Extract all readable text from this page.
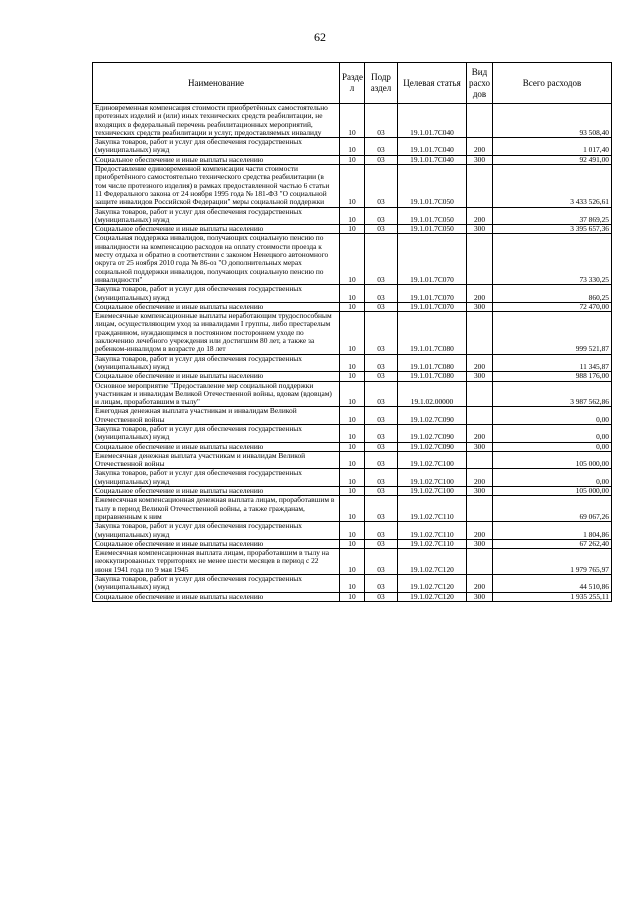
62
Наименование	Разде л	Подр аздел	Целевая статья	Вид расхо дов	Всего расходов
Единовременная компенсация стоимости приобретённых самостоятельно протезных изделий и (или) иных технических средств реабилитации, не входящих в федеральный перечень реабилитационных мероприятий, технических средств реабилитации и услуг, предоставляемых инвалиду	10	03	19.1.01.7С040		93 508,40
Закупка товаров, работ и услуг для обеспечения государственных (муниципальных) нужд	10	03	19.1.01.7С040	200	1 017,40
Социальное обеспечение и иные выплаты населению	10	03	19.1.01.7С040	300	92 491,00
Предоставление единовременной компенсации части стоимости приобретённого самостоятельно технического средства реабилитации (в том числе протезного изделия) в рамках предоставленной частью 6 статьи 11 Федерального закона от 24 ноября 1995 года № 181-ФЗ "О социальной защите инвалидов Российской Федерации" меры социальной поддержки	10	03	19.1.01.7С050		3 433 526,61
Закупка товаров, работ и услуг для обеспечения государственных (муниципальных) нужд	10	03	19.1.01.7С050	200	37 869,25
Социальное обеспечение и иные выплаты населению	10	03	19.1.01.7С050	300	3 395 657,36
Социальная поддержка инвалидов, получающих социальную пенсию по инвалидности на компенсацию расходов на оплату стоимости проезда к месту отдыха и обратно в соответствии с законом Ненецкого автономного округа от 25 ноября 2010 года № 86-оз "О дополнительных мерах социальной поддержки инвалидов, получающих социальную пенсию по инвалидности"	10	03	19.1.01.7С070		73 330,25
Закупка товаров, работ и услуг для обеспечения государственных (муниципальных) нужд	10	03	19.1.01.7С070	200	860,25
Социальное обеспечение и иные выплаты населению	10	03	19.1.01.7С070	300	72 470,00
Ежемесячные компенсационные выплаты неработающим трудоспособным лицам, осуществляющим уход за инвалидами I группы, либо престарелым гражданином, нуждающимся в постоянном постороннем уходе по заключению лечебного учреждения или достигшим 80 лет, а также за ребенком-инвалидом в возрасте до 18 лет	10	03	19.1.01.7С080		999 521,87
Закупка товаров, работ и услуг для обеспечения государственных (муниципальных) нужд	10	03	19.1.01.7С080	200	11 345,87
Социальное обеспечение и иные выплаты населению	10	03	19.1.01.7С080	300	988 176,00
Основное мероприятие "Предоставление мер социальной поддержки участникам и инвалидам Великой Отечественной войны, вдовам (вдовцам) и лицам, проработавшим в тылу"	10	03	19.1.02.00000		3 987 562,86
Ежегодная денежная выплата участникам и инвалидам Великой Отечественной войны	10	03	19.1.02.7С090		0,00
Закупка товаров, работ и услуг для обеспечения государственных (муниципальных) нужд	10	03	19.1.02.7С090	200	0,00
Социальное обеспечение и иные выплаты населению	10	03	19.1.02.7С090	300	0,00
Ежемесячная денежная выплата участникам и инвалидам Великой Отечественной войны	10	03	19.1.02.7С100		105 000,00
Закупка товаров, работ и услуг для обеспечения государственных (муниципальных) нужд	10	03	19.1.02.7С100	200	0,00
Социальное обеспечение и иные выплаты населению	10	03	19.1.02.7С100	300	105 000,00
Ежемесячная компенсационная денежная выплата лицам, проработавшим в тылу в период Великой Отечественной войны, а также гражданам, приравненным к ним	10	03	19.1.02.7С110		69 067,26
Закупка товаров, работ и услуг для обеспечения государственных (муниципальных) нужд	10	03	19.1.02.7С110	200	1 804,86
Социальное обеспечение и иные выплаты населению	10	03	19.1.02.7С110	300	67 262,40
Ежемесячная компенсационная выплата лицам, проработавшим в тылу на неоккупированных территориях не менее шести месяцев в период с 22 июня 1941 года по 9 мая 1945	10	03	19.1.02.7С120		1 979 765,97
Закупка товаров, работ и услуг для обеспечения государственных (муниципальных) нужд	10	03	19.1.02.7С120	200	44 510,86
Социальное обеспечение и иные выплаты населению	10	03	19.1.02.7С120	300	1 935 255,11
